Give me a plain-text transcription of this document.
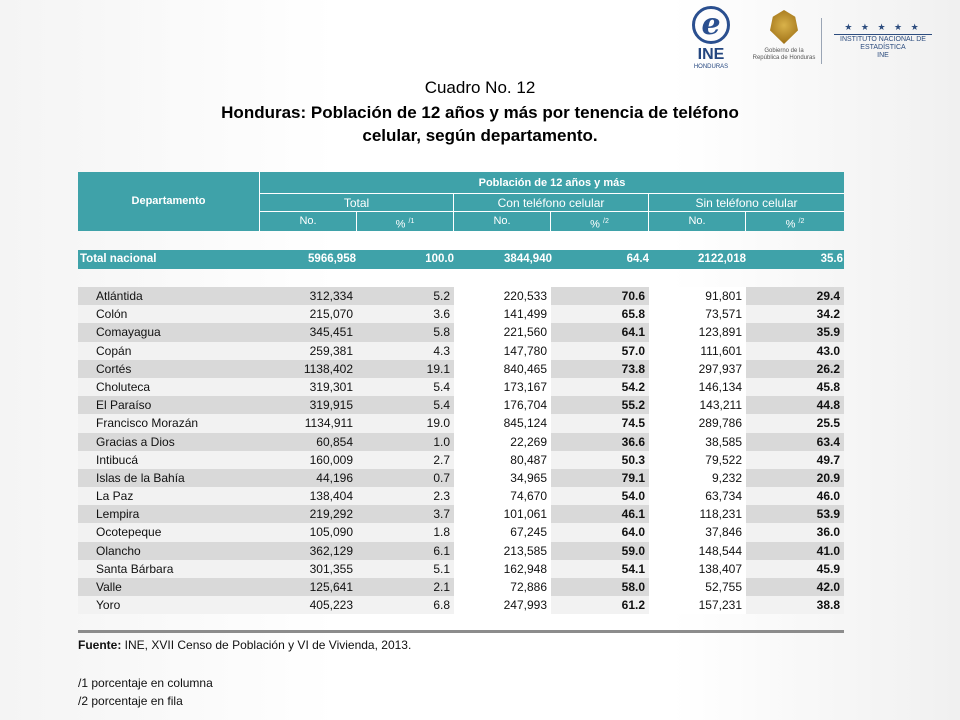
e
INE
HONDURAS
Gobierno de la
República de Honduras
★ ★ ★ ★ ★
INSTITUTO NACIONAL DE
ESTADÍSTICA
INE
Cuadro No. 12
Honduras: Población de 12 años y más por tenencia de teléfono
celular, según departamento.
Departamento
Población de 12 años y más
Total	Con teléfono celular	Sin teléfono celular
No.	% $^{/1}$	No.	% $^{/2}$	No.	% $^{/2}$
Total nacional	5966,958	100.0	3844,940	64.4	2122,018	35.6
Atlántida	312,334	5.2	220,533	70.6	91,801	29.4
Colón	215,070	3.6	141,499	65.8	73,571	34.2
Comayagua	345,451	5.8	221,560	64.1	123,891	35.9
Copán	259,381	4.3	147,780	57.0	111,601	43.0
Cortés	1138,402	19.1	840,465	73.8	297,937	26.2
Choluteca	319,301	5.4	173,167	54.2	146,134	45.8
El Paraíso	319,915	5.4	176,704	55.2	143,211	44.8
Francisco Morazán	1134,911	19.0	845,124	74.5	289,786	25.5
Gracias a Dios	60,854	1.0	22,269	36.6	38,585	63.4
Intibucá	160,009	2.7	80,487	50.3	79,522	49.7
Islas de la Bahía	44,196	0.7	34,965	79.1	9,232	20.9
La Paz	138,404	2.3	74,670	54.0	63,734	46.0
Lempira	219,292	3.7	101,061	46.1	118,231	53.9
Ocotepeque	105,090	1.8	67,245	64.0	37,846	36.0
Olancho	362,129	6.1	213,585	59.0	148,544	41.0
Santa Bárbara	301,355	5.1	162,948	54.1	138,407	45.9
Valle	125,641	2.1	72,886	58.0	52,755	42.0
Yoro	405,223	6.8	247,993	61.2	157,231	38.8
Fuente: INE, XVII Censo de Población y VI de Vivienda, 2013.
/1 porcentaje en columna
/2 porcentaje en fila
